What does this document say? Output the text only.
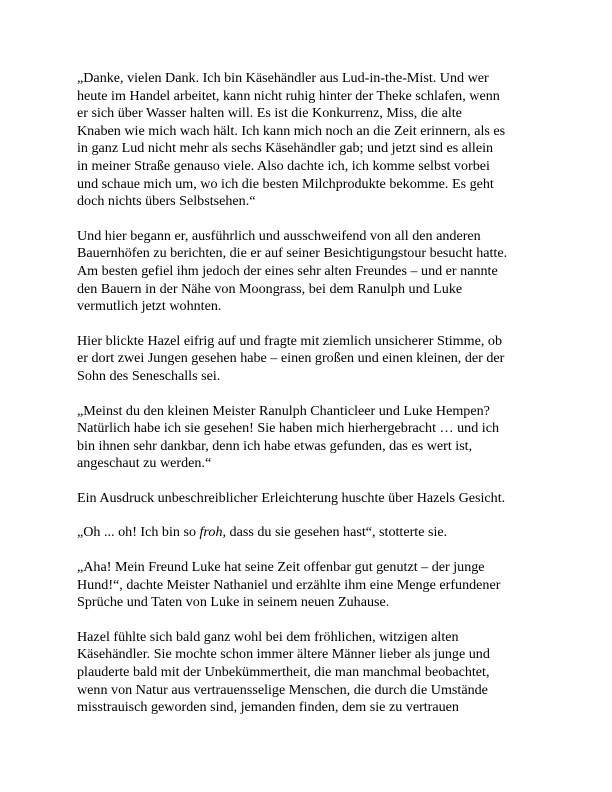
„Danke, vielen Dank. Ich bin Käsehändler aus Lud-in-the-Mist. Und wer
heute im Handel arbeitet, kann nicht ruhig hinter der Theke schlafen, wenn
er sich über Wasser halten will. Es ist die Konkurrenz, Miss, die alte
Knaben wie mich wach hält. Ich kann mich noch an die Zeit erinnern, als es
in ganz Lud nicht mehr als sechs Käsehändler gab; und jetzt sind es allein
in meiner Straße genauso viele. Also dachte ich, ich komme selbst vorbei
und schaue mich um, wo ich die besten Milchprodukte bekomme. Es geht
doch nichts übers Selbstsehen.“

Und hier begann er, ausführlich und ausschweifend von all den anderen
Bauernhöfen zu berichten, die er auf seiner Besichtigungstour besucht hatte.
Am besten gefiel ihm jedoch der eines sehr alten Freundes – und er nannte
den Bauern in der Nähe von Moongrass, bei dem Ranulph und Luke
vermutlich jetzt wohnten.

Hier blickte Hazel eifrig auf und fragte mit ziemlich unsicherer Stimme, ob
er dort zwei Jungen gesehen habe – einen großen und einen kleinen, der der
Sohn des Seneschalls sei.

„Meinst du den kleinen Meister Ranulph Chanticleer und Luke Hempen?
Natürlich habe ich sie gesehen! Sie haben mich hierhergebracht … und ich
bin ihnen sehr dankbar, denn ich habe etwas gefunden, das es wert ist,
angeschaut zu werden.“

Ein Ausdruck unbeschreiblicher Erleichterung huschte über Hazels Gesicht.

„Oh ... oh! Ich bin so froh, dass du sie gesehen hast“, stotterte sie.

„Aha! Mein Freund Luke hat seine Zeit offenbar gut genutzt – der junge
Hund!“, dachte Meister Nathaniel und erzählte ihm eine Menge erfundener
Sprüche und Taten von Luke in seinem neuen Zuhause.

Hazel fühlte sich bald ganz wohl bei dem fröhlichen, witzigen alten
Käsehändler. Sie mochte schon immer ältere Männer lieber als junge und
plauderte bald mit der Unbekümmertheit, die man manchmal beobachtet,
wenn von Natur aus vertrauensselige Menschen, die durch die Umstände
misstrauisch geworden sind, jemanden finden, dem sie zu vertrauen
